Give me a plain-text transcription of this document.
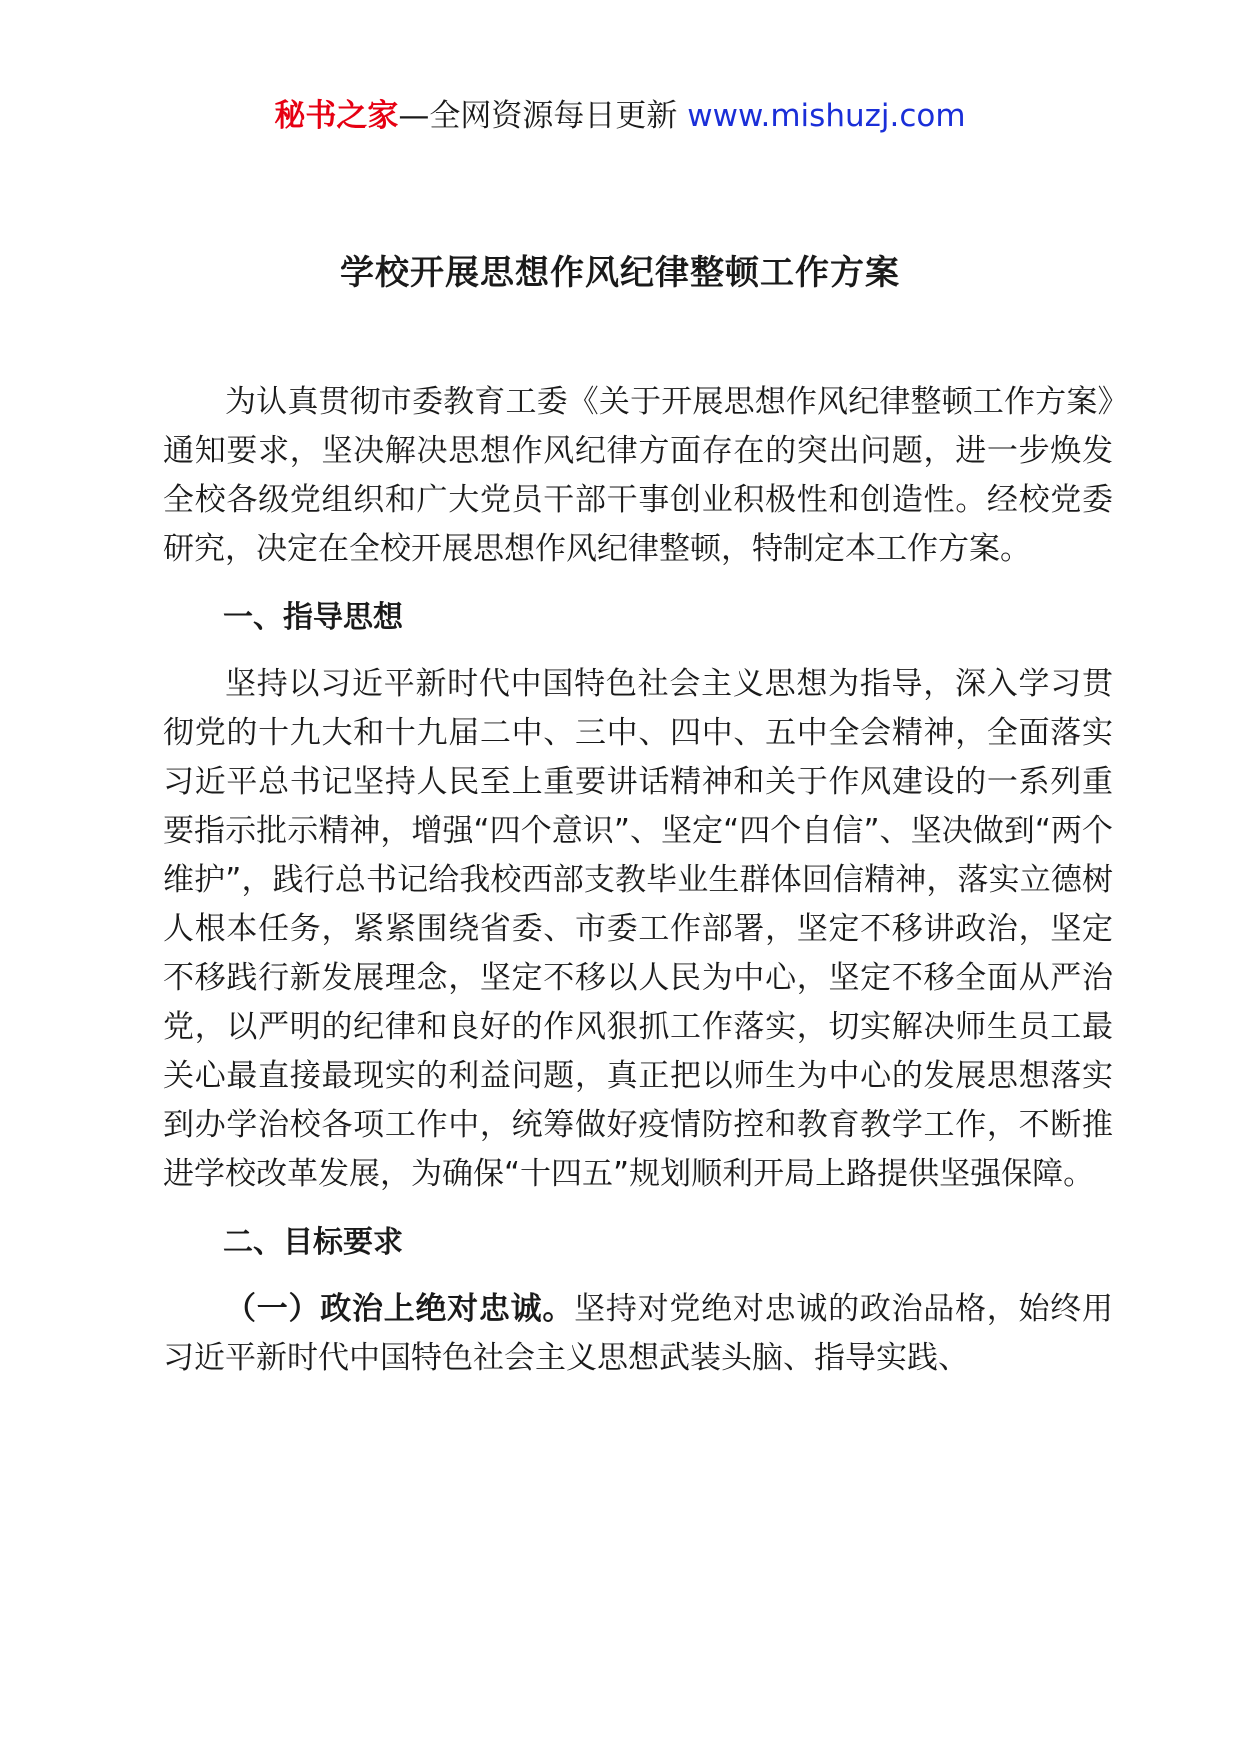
秘书之家—全网资源每日更新 www.mishuzj.com
学校开展思想作风纪律整顿工作方案

为认真贯彻市委教育工委《关于开展思想作风纪律整顿工作方案》通知要求，坚决解决思想作风纪律方面存在的突出问题，进一步焕发全校各级党组织和广大党员干部干事创业积极性和创造性。经校党委研究，决定在全校开展思想作风纪律整顿，特制定本工作方案。

一、指导思想

坚持以习近平新时代中国特色社会主义思想为指导，深入学习贯彻党的十九大和十九届二中、三中、四中、五中全会精神，全面落实习近平总书记坚持人民至上重要讲话精神和关于作风建设的一系列重要指示批示精神，增强“四个意识”、坚定“四个自信”、坚决做到“两个维护”，践行总书记给我校西部支教毕业生群体回信精神，落实立德树人根本任务，紧紧围绕省委、市委工作部署，坚定不移讲政治，坚定不移践行新发展理念，坚定不移以人民为中心，坚定不移全面从严治党，以严明的纪律和良好的作风狠抓工作落实，切实解决师生员工最关心最直接最现实的利益问题，真正把以师生为中心的发展思想落实到办学治校各项工作中，统筹做好疫情防控和教育教学工作，不断推进学校改革发展，为确保“十四五”规划顺利开局上路提供坚强保障。

二、目标要求

（一）政治上绝对忠诚。坚持对党绝对忠诚的政治品格，始终用习近平新时代中国特色社会主义思想武装头脑、指导实践、
